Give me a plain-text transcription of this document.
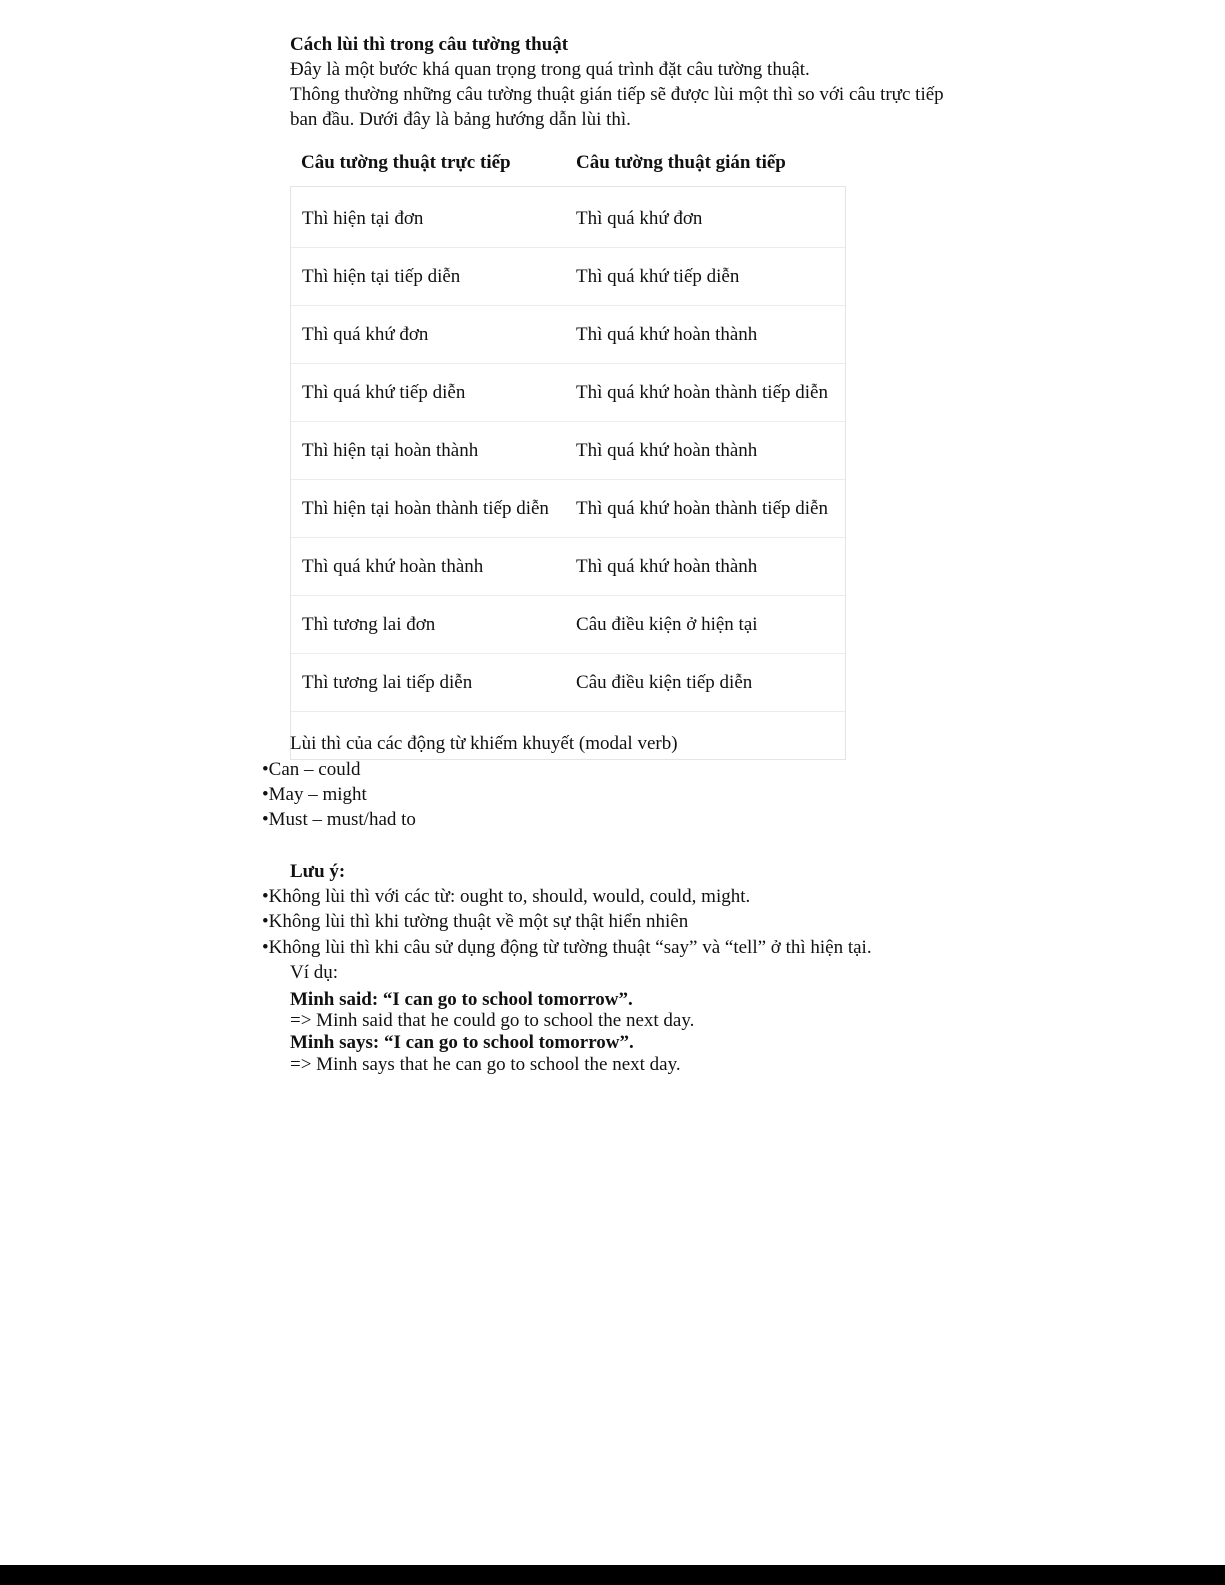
Cách lùi thì trong câu tường thuật
Đây là một bước khá quan trọng trong quá trình đặt câu tường thuật.
Thông thường những câu tường thuật gián tiếp sẽ được lùi một thì so với câu trực tiếp
ban đầu. Dưới đây là bảng hướng dẫn lùi thì.
Câu tường thuật trực tiếp	Câu tường thuật gián tiếp
Thì hiện tại đơn	Thì quá khứ đơn
Thì hiện tại tiếp diễn	Thì quá khứ tiếp diễn
Thì quá khứ đơn	Thì quá khứ hoàn thành
Thì quá khứ tiếp diễn	Thì quá khứ hoàn thành tiếp diễn
Thì hiện tại hoàn thành	Thì quá khứ hoàn thành
Thì hiện tại hoàn thành tiếp diễn	Thì quá khứ hoàn thành tiếp diễn
Thì quá khứ hoàn thành	Thì quá khứ hoàn thành
Thì tương lai đơn	Câu điều kiện ở hiện tại
Thì tương lai tiếp diễn	Câu điều kiện tiếp diễn
Lùi thì của các động từ khiếm khuyết (modal verb)
•Can – could
•May – might
•Must – must/had to
Lưu ý:
•Không lùi thì với các từ: ought to, should, would, could, might.
•Không lùi thì khi tường thuật về một sự thật hiển nhiên
•Không lùi thì khi câu sử dụng động từ tường thuật “say” và “tell” ở thì hiện tại.
Ví dụ:
Minh said: “I can go to school tomorrow”.
=> Minh said that he could go to school the next day.
Minh says: “I can go to school tomorrow”.
=> Minh says that he can go to school the next day.
